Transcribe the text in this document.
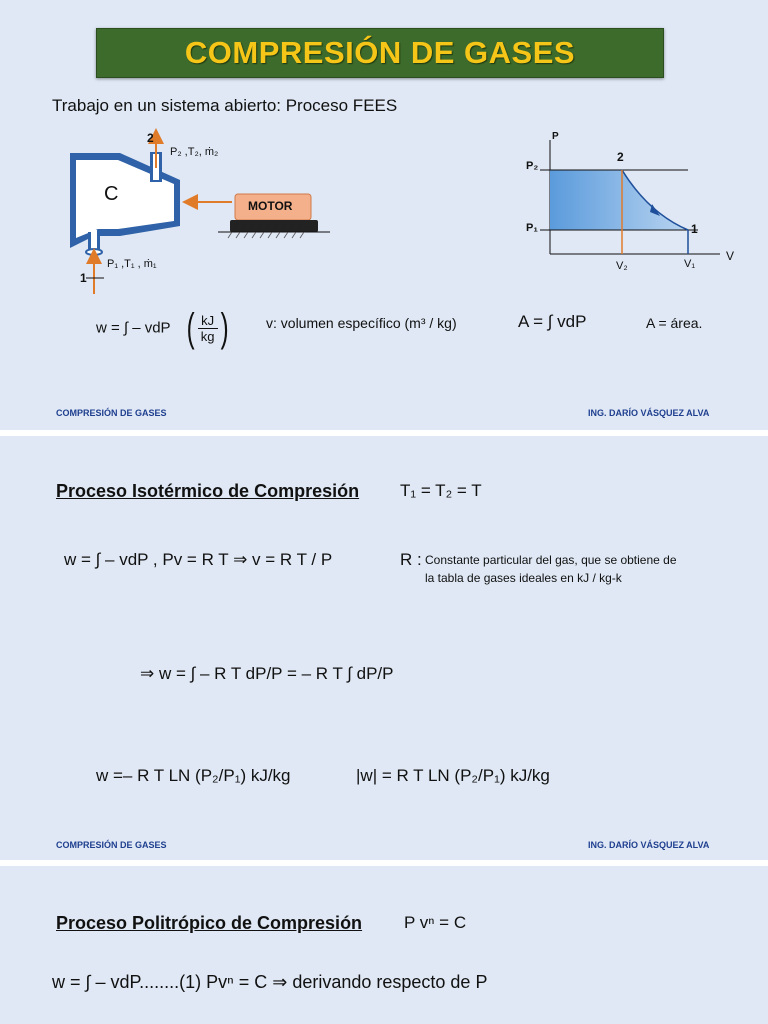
COMPRESIÓN DE GASES
Trabajo en un sistema abierto: Proceso FEES
C
MOTOR
2
P₂ ,T₂, ṁ₂
1
P₁ ,T₁ , ṁ₁
P
V
P₂
P₁
2
1
V₂	V₁
w = ∫ – vdP ( $\frac{kJ}{kg}$ )	v: volumen específico (m³ / kg)	A = ∫ vdP	A = área.
COMPRESIÓN DE GASES	ING. DARÍO VÁSQUEZ ALVA
Proceso Isotérmico de Compresión T₁ = T₂ = T
w = ∫ – vdP , Pv = R T ⇒ v = R T / P	R : Constante particular del gas, que se obtiene de
la tabla de gases ideales en kJ / kg-k
⇒ w = ∫ – R T dP/P = – R T ∫ dP/P
w =– R T LN (P₂/P₁) kJ/kg	|w| = R T LN (P₂/P₁) kJ/kg
COMPRESIÓN DE GASES	ING. DARÍO VÁSQUEZ ALVA
Proceso Politrópico de Compresión P vⁿ = C
w = ∫ – vdP........(1) Pvⁿ = C ⇒ derivando respecto de P
